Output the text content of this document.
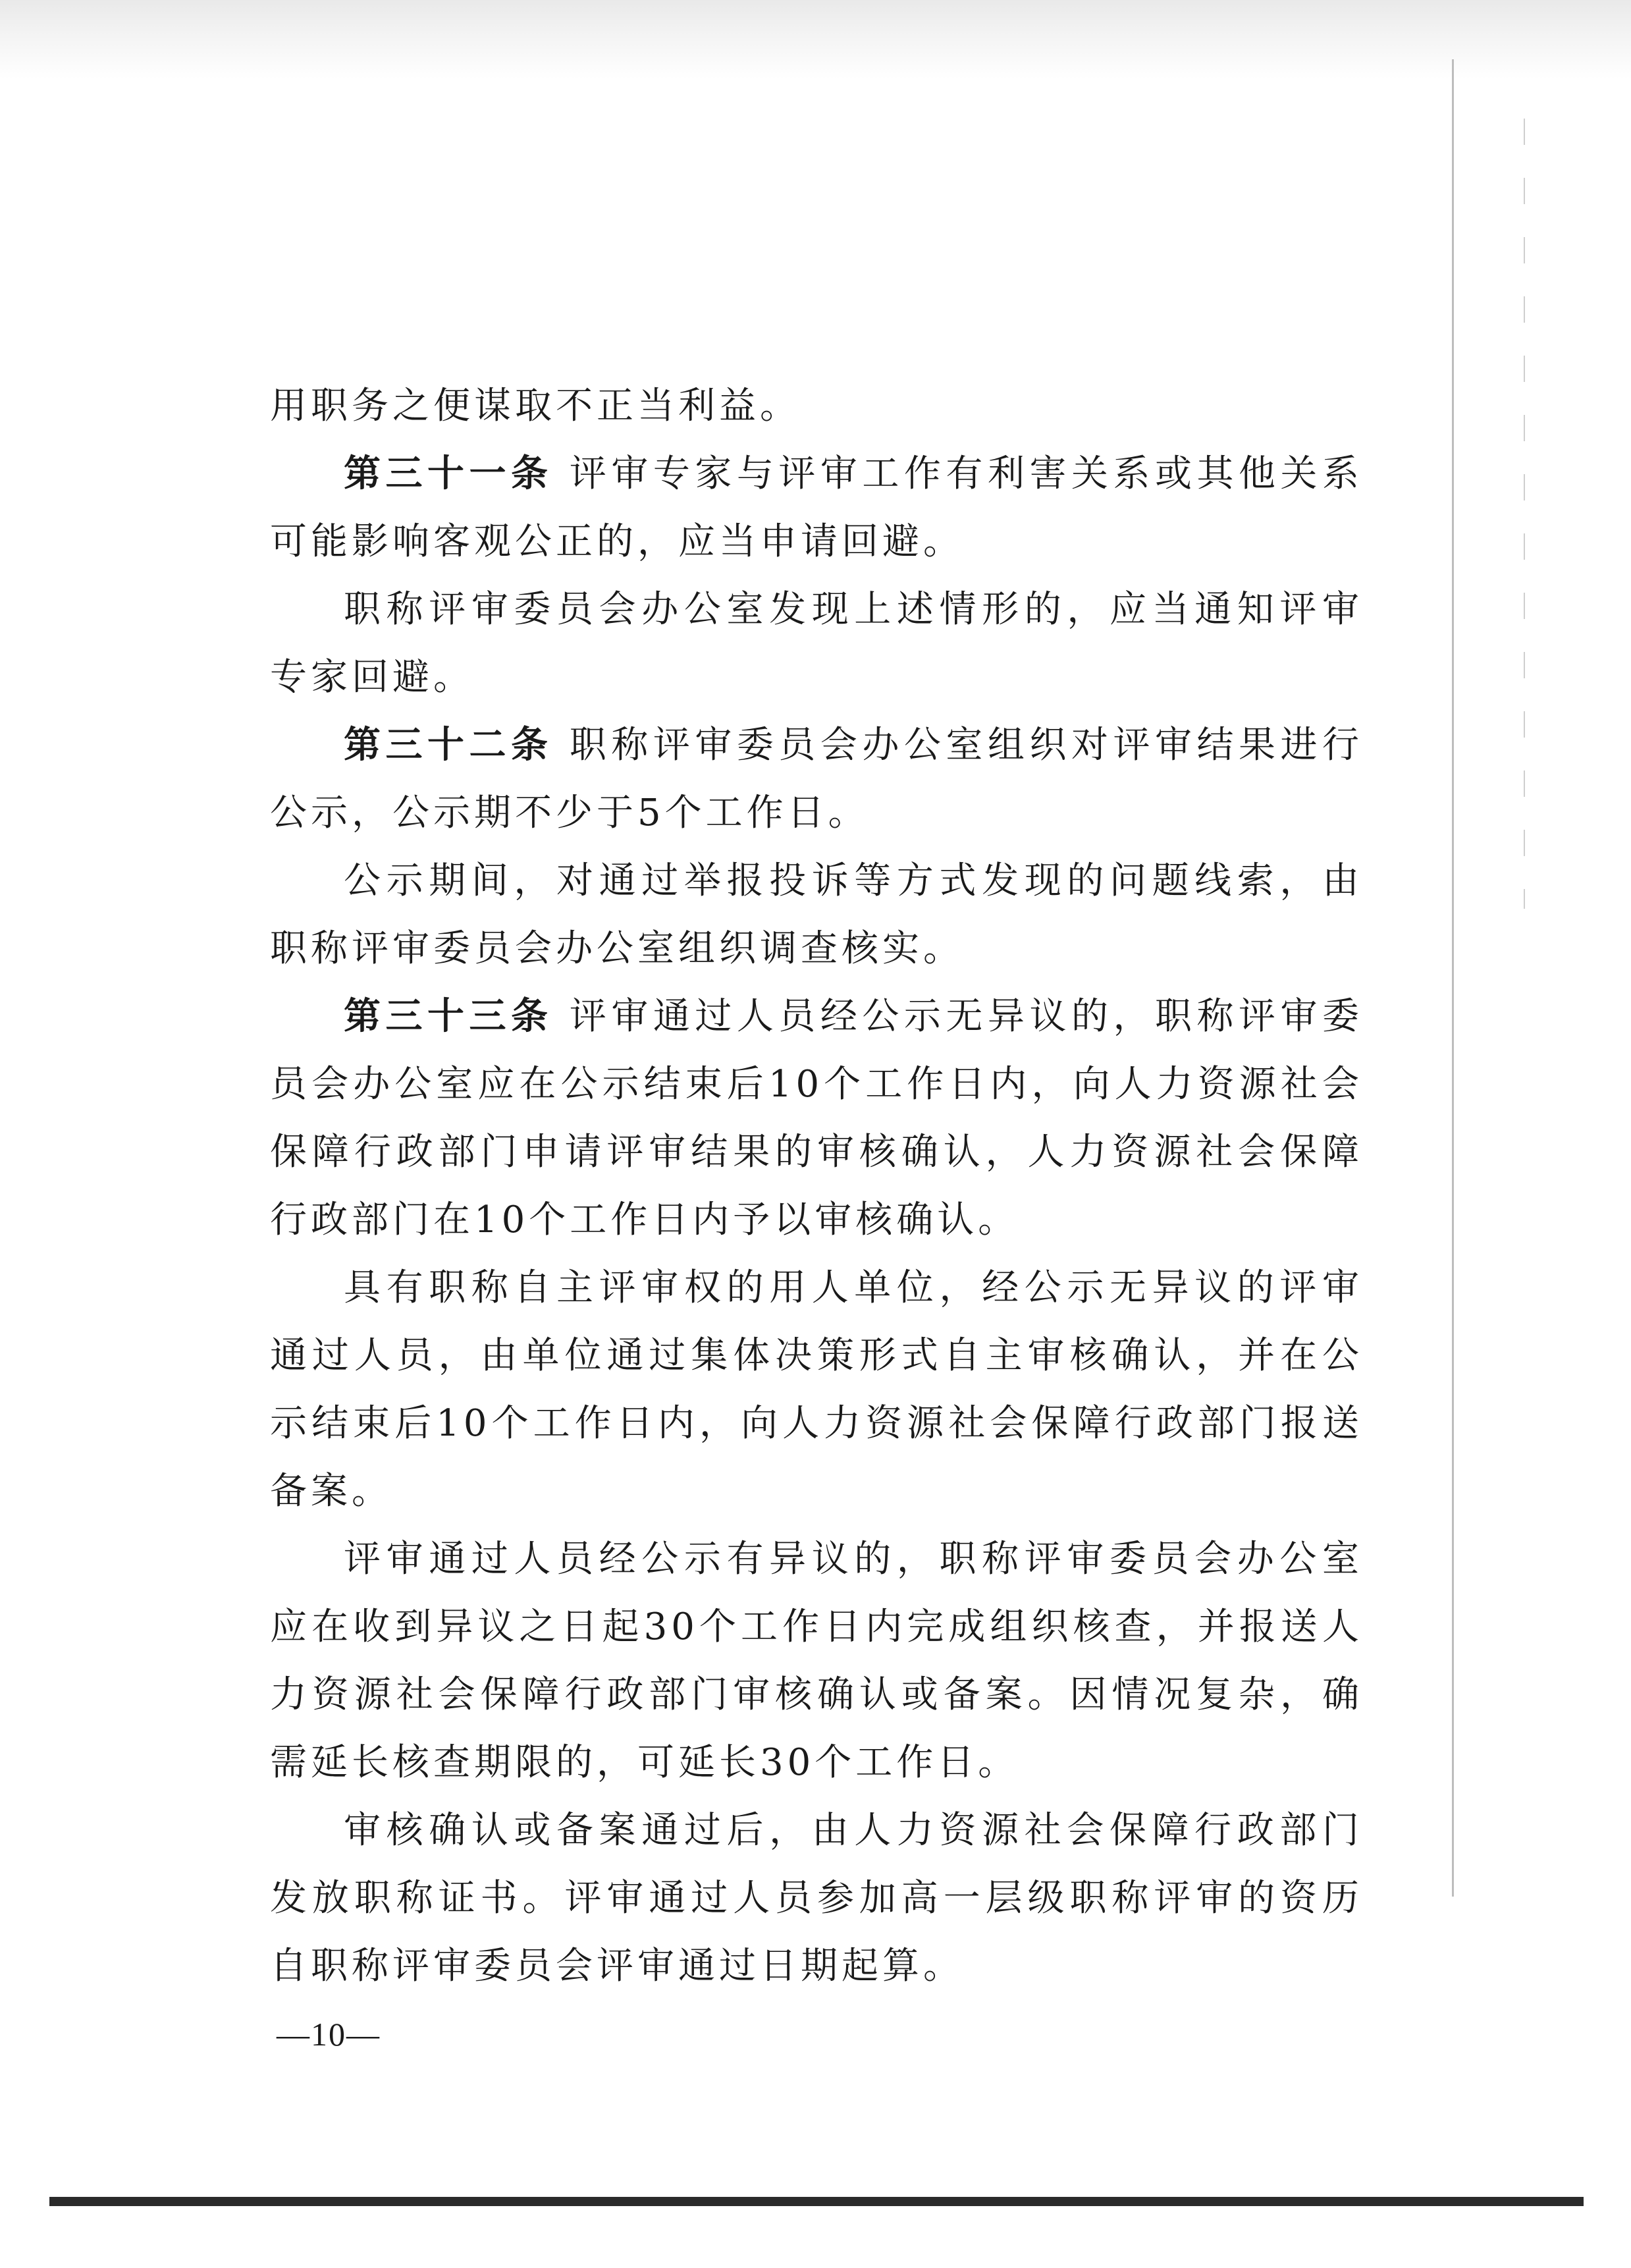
用职务之便谋取不正当利益。

第三十一条 评审专家与评审工作有利害关系或其他关系可能影响客观公正的，应当申请回避。

职称评审委员会办公室发现上述情形的，应当通知评审专家回避。

第三十二条 职称评审委员会办公室组织对评审结果进行公示，公示期不少于5个工作日。

公示期间，对通过举报投诉等方式发现的问题线索，由职称评审委员会办公室组织调查核实。

第三十三条 评审通过人员经公示无异议的，职称评审委员会办公室应在公示结束后10个工作日内，向人力资源社会保障行政部门申请评审结果的审核确认，人力资源社会保障行政部门在10个工作日内予以审核确认。

具有职称自主评审权的用人单位，经公示无异议的评审通过人员，由单位通过集体决策形式自主审核确认，并在公示结束后10个工作日内，向人力资源社会保障行政部门报送备案。

评审通过人员经公示有异议的，职称评审委员会办公室应在收到异议之日起30个工作日内完成组织核查，并报送人力资源社会保障行政部门审核确认或备案。因情况复杂，确需延长核查期限的，可延长30个工作日。

审核确认或备案通过后，由人力资源社会保障行政部门发放职称证书。评审通过人员参加高一层级职称评审的资历自职称评审委员会评审通过日期起算。

—10—
